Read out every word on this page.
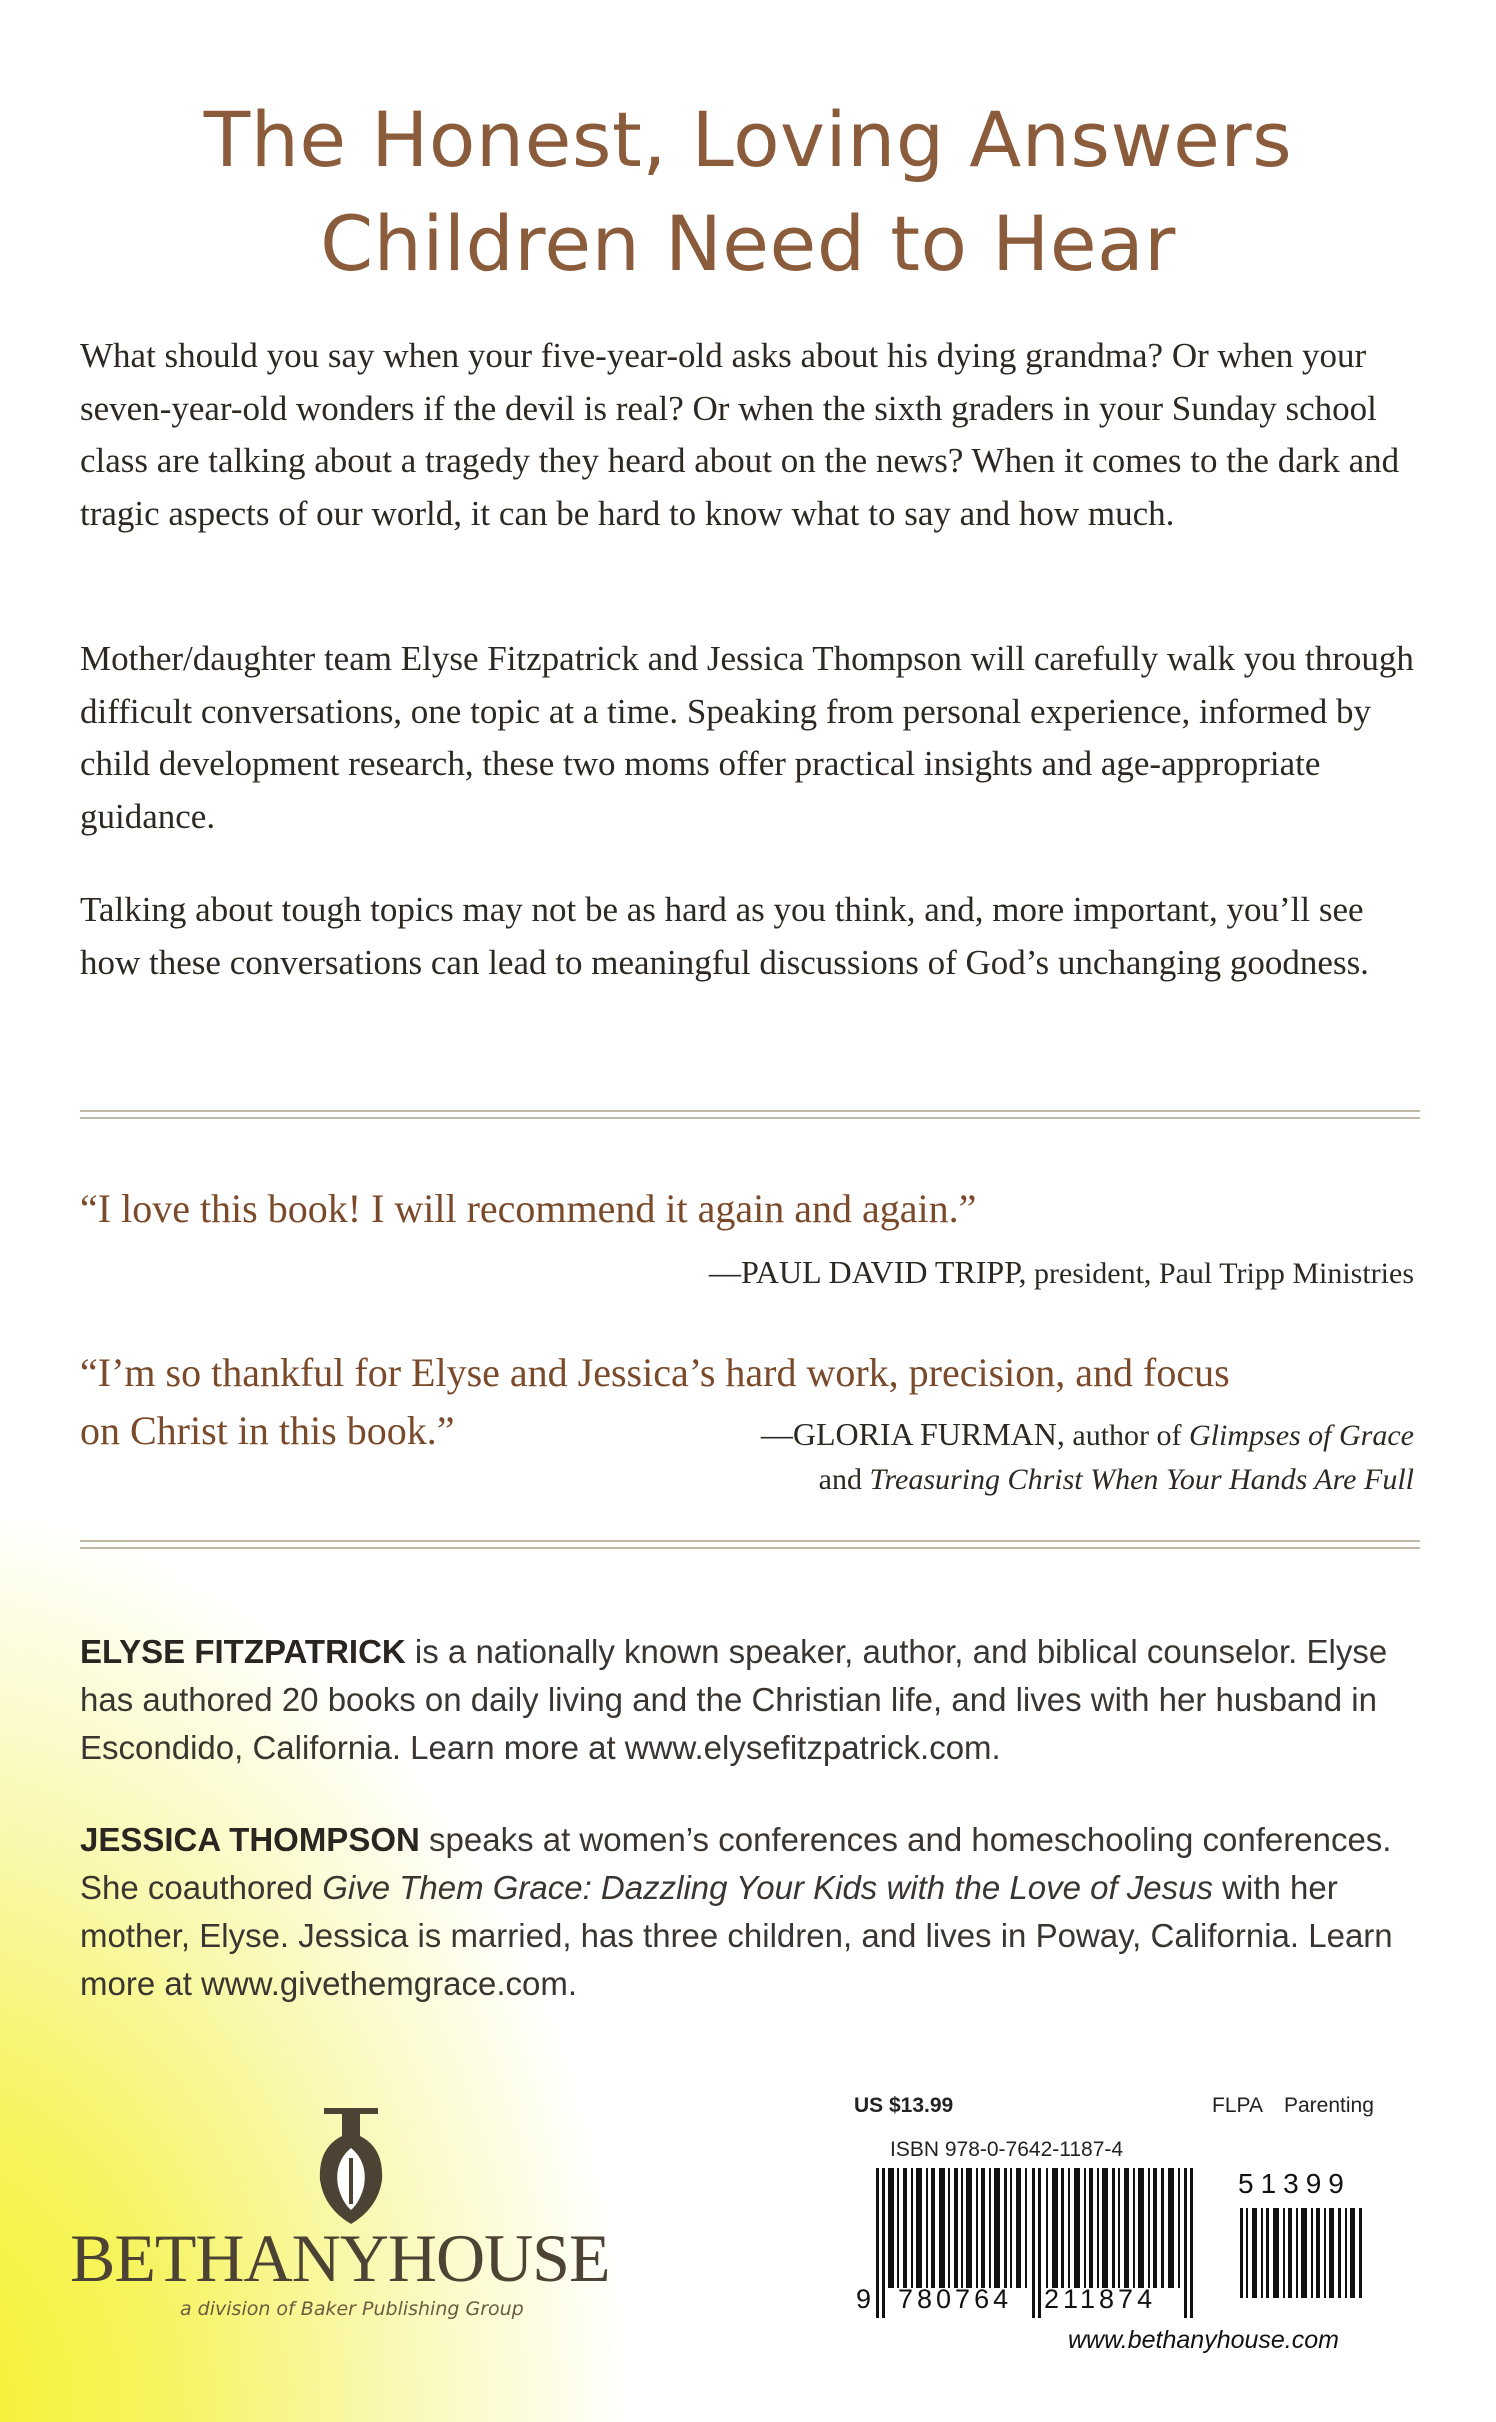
The Honest, Loving Answers
Children Need to Hear

What should you say when your five-year-old asks about his dying grandma? Or when your seven-year-old wonders if the devil is real? Or when the sixth graders in your Sunday school class are talking about a tragedy they heard about on the news? When it comes to the dark and tragic aspects of our world, it can be hard to know what to say and how much.

Mother/daughter team Elyse Fitzpatrick and Jessica Thompson will carefully walk you through difficult conversations, one topic at a time. Speaking from personal experience, informed by child development research, these two moms offer practical insights and age-appropriate guidance.

Talking about tough topics may not be as hard as you think, and, more important, you’ll see how these conversations can lead to meaningful discussions of God’s unchanging goodness.

“I love this book! I will recommend it again and again.”

—PAUL DAVID TRIPP, president, Paul Tripp Ministries

“I’m so thankful for Elyse and Jessica’s hard work, precision, and focus

on Christ in this book.”	—GLORIA FURMAN, author of Glimpses of Grace
and Treasuring Christ When Your Hands Are Full

ELYSE FITZPATRICK is a nationally known speaker, author, and biblical counselor. Elyse has authored 20 books on daily living and the Christian life, and lives with her husband in Escondido, California. Learn more at www.elysefitzpatrick.com.

JESSICA THOMPSON speaks at women’s conferences and homeschooling conferences. She coauthored Give Them Grace: Dazzling Your Kids with the Love of Jesus with her mother, Elyse. Jessica is married, has three children, and lives in Poway, California. Learn more at www.givethemgrace.com.

BETHANYHOUSE
a division of Baker Publishing Group
US $13.99	FLPA Parenting
ISBN 978-0-7642-1187-4
51399
9 780764 211874
www.bethanyhouse.com
